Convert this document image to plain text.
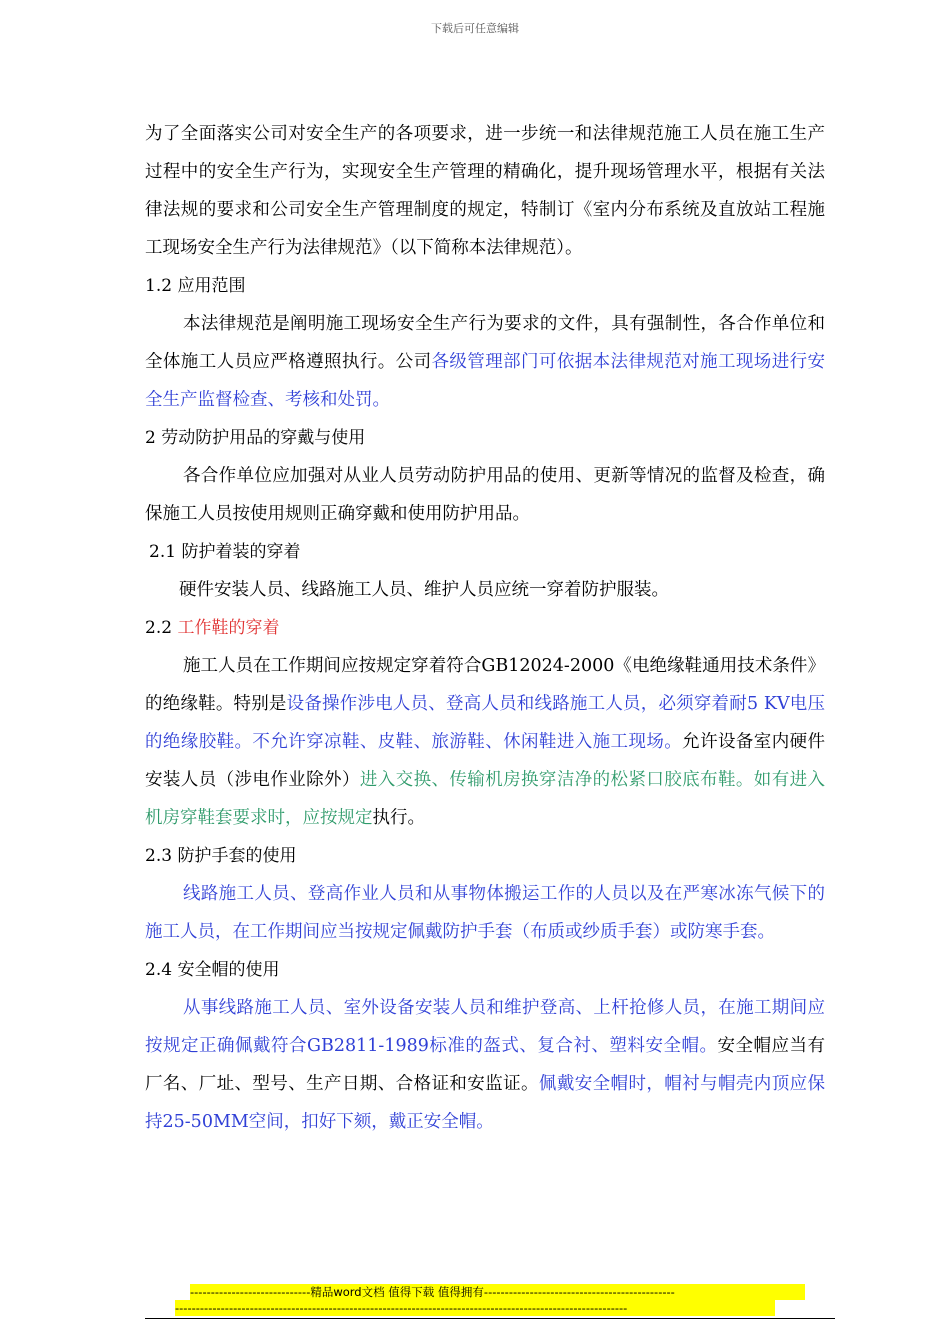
下载后可任意编辑

为了全面落实公司对安全生产的各项要求，进一步统一和法律规范施工人员在施工生产过程中的安全生产行为，实现安全生产管理的精确化，提升现场管理水平，根据有关法律法规的要求和公司安全生产管理制度的规定，特制订《室内分布系统及直放站工程施工现场安全生产行为法律规范》（以下简称本法律规范）。

1.2 应用范围

本法律规范是阐明施工现场安全生产行为要求的文件，具有强制性，各合作单位和全体施工人员应严格遵照执行。公司各级管理部门可依据本法律规范对施工现场进行安全生产监督检查、考核和处罚。

2 劳动防护用品的穿戴与使用

各合作单位应加强对从业人员劳动防护用品的使用、更新等情况的监督及检查，确保施工人员按使用规则正确穿戴和使用防护用品。

2.1 防护着装的穿着

硬件安装人员、线路施工人员、维护人员应统一穿着防护服装。

2.2 工作鞋的穿着

施工人员在工作期间应按规定穿着符合GB12024-2000《电绝缘鞋通用技术条件》的绝缘鞋。特别是设备操作涉电人员、登高人员和线路施工人员，必须穿着耐5 KV电压的绝缘胶鞋。不允许穿凉鞋、皮鞋、旅游鞋、休闲鞋进入施工现场。允许设备室内硬件安装人员（涉电作业除外）进入交换、传输机房换穿洁净的松紧口胶底布鞋。如有进入机房穿鞋套要求时，应按规定执行。

2.3 防护手套的使用

线路施工人员、登高作业人员和从事物体搬运工作的人员以及在严寒冰冻气候下的施工人员，在工作期间应当按规定佩戴防护手套（布质或纱质手套）或防寒手套。

2.4 安全帽的使用

从事线路施工人员、室外设备安装人员和维护登高、上杆抢修人员，在施工期间应按规定正确佩戴符合GB2811-1989标准的盔式、复合衬、塑料安全帽。安全帽应当有厂名、厂址、型号、生产日期、合格证和安监证。佩戴安全帽时，帽衬与帽壳内顶应保持25-50MM空间，扣好下颏，戴正安全帽。

-----------------------------精品word文档 值得下载 值得拥有----------------------------------------------
-------------------------------------------------------------------------------------------------------------
